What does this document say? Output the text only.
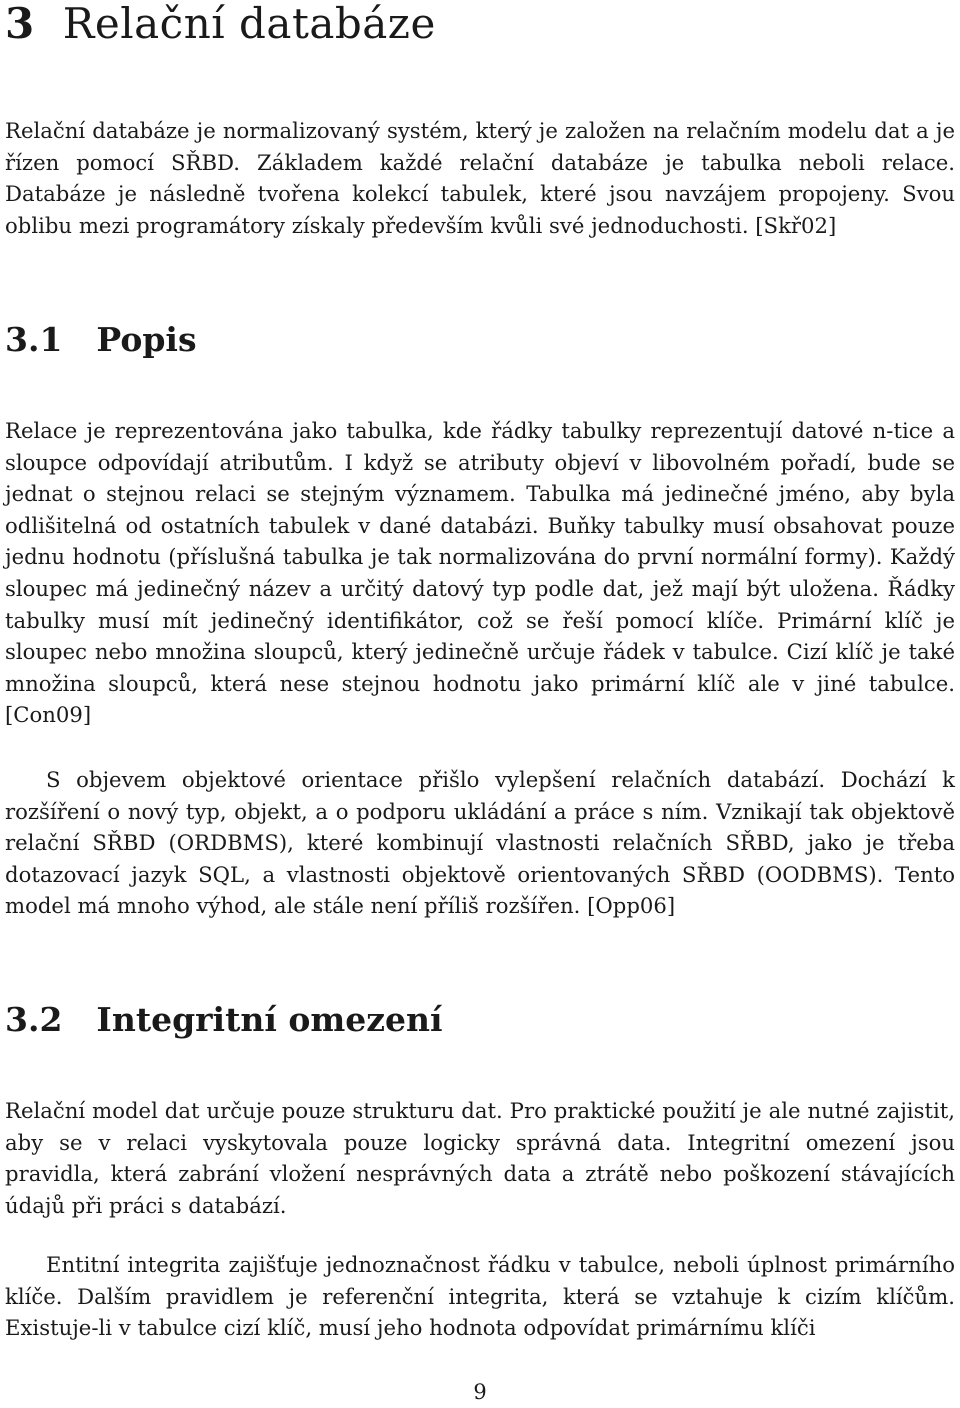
3 Relační databáze

Relační databáze je normalizovaný systém, který je založen na relačním modelu dat a je řízen pomocí SŘBD. Základem každé relační databáze je tabulka neboli relace. Databáze je následně tvořena kolekcí tabulek, které jsou navzájem propojeny. Svou oblibu mezi programátory získaly především kvůli své jednoduchosti. [Skř02]

3.1 Popis

Relace je reprezentována jako tabulka, kde řádky tabulky reprezentují datové n-tice a sloupce odpovídají atributům. I když se atributy objeví v libovolném pořadí, bude se jednat o stejnou relaci se stejným významem. Tabulka má jedinečné jméno, aby byla odlišitelná od ostatních tabulek v dané databázi. Buňky tabulky musí obsahovat pouze jednu hodnotu (příslušná tabulka je tak normalizována do první normální formy). Každý sloupec má jedinečný název a určitý datový typ podle dat, jež mají být uložena. Řádky tabulky musí mít jedinečný identifikátor, což se řeší pomocí klíče. Primární klíč je sloupec nebo množina sloupců, který jedinečně určuje řádek v tabulce. Cizí klíč je také množina sloupců, která nese stejnou hodnotu jako primární klíč ale v jiné tabulce. [Con09]

S objevem objektové orientace přišlo vylepšení relačních databází. Dochází k rozšíření o nový typ, objekt, a o podporu ukládání a práce s ním. Vznikají tak objektově relační SŘBD (ORDBMS), které kombinují vlastnosti relačních SŘBD, jako je třeba dotazovací jazyk SQL, a vlastnosti objektově orientovaných SŘBD (OODBMS). Tento model má mnoho výhod, ale stále není příliš rozšířen. [Opp06]

3.2 Integritní omezení

Relační model dat určuje pouze strukturu dat. Pro praktické použití je ale nutné zajistit, aby se v relaci vyskytovala pouze logicky správná data. Integritní omezení jsou pravidla, která zabrání vložení nesprávných data a ztrátě nebo poškození stávajících údajů při práci s databází.

Entitní integrita zajišťuje jednoznačnost řádku v tabulce, neboli úplnost primárního klíče. Dalším pravidlem je referenční integrita, která se vztahuje k cizím klíčům. Existuje-li v tabulce cizí klíč, musí jeho hodnota odpovídat primárnímu klíči

9
